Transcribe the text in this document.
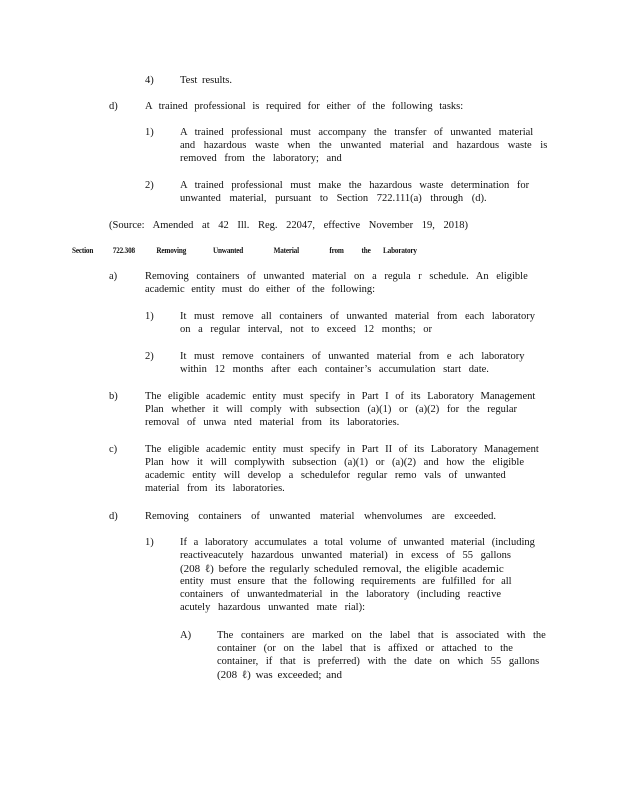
4)	Test results.
d)	A trained professional is required for either of the following tasks:
1)	A trained professional must accompany the transfer of unwanted material
and hazardous waste when the unwanted material and hazardous waste is
removed from the laboratory; and
2)	A trained professional must make the hazardous waste determination for
unwanted material, pursuant to Section 722.111(a) through (d).
(Source: Amended at 42 Ill. Reg. 22047, effective November 19, 2018)
Section 722.308	Removing	Unwanted	Material	from the Laboratory
a)	Removing containers of unwanted material on a regula r schedule. An eligible
academic entity must do either of the following:
1)	It must remove all containers of unwanted material from each laboratory
on a regular interval, not to exceed 12 months; or
2)	It must remove containers of unwanted material from e ach laboratory
within 12 months after each container’s accumulation start date.
b)	The eligible academic entity must specify in Part I of its Laboratory Management
Plan whether it will comply with subsection (a)(1) or (a)(2) for the regular
removal of unwa nted material from its laboratories.
c)	The eligible academic entity must specify in Part II of its Laboratory Management
Plan how it will complywith subsection (a)(1) or (a)(2) and how the eligible
academic entity will develop a schedulefor regular remo vals of unwanted
material from its laboratories.
d)	Removing containers of unwanted material whenvolumes are exceeded.
1)	If a laboratory accumulates a total volume of unwanted material (including
reactiveacutely hazardous unwanted material) in excess of 55 gallons
(208 ℓ) before the regularly scheduled removal, the eligible academic
entity must ensure that the following requirements are fulfilled for all
containers of unwantedmaterial in the laboratory (including reactive
acutely hazardous unwanted mate rial):
A) The containers are marked on the label that is associated with the
container (or on the label that is affixed or attached to the
container, if that is preferred) with the date on which 55 gallons
(208 ℓ) was exceeded; and
